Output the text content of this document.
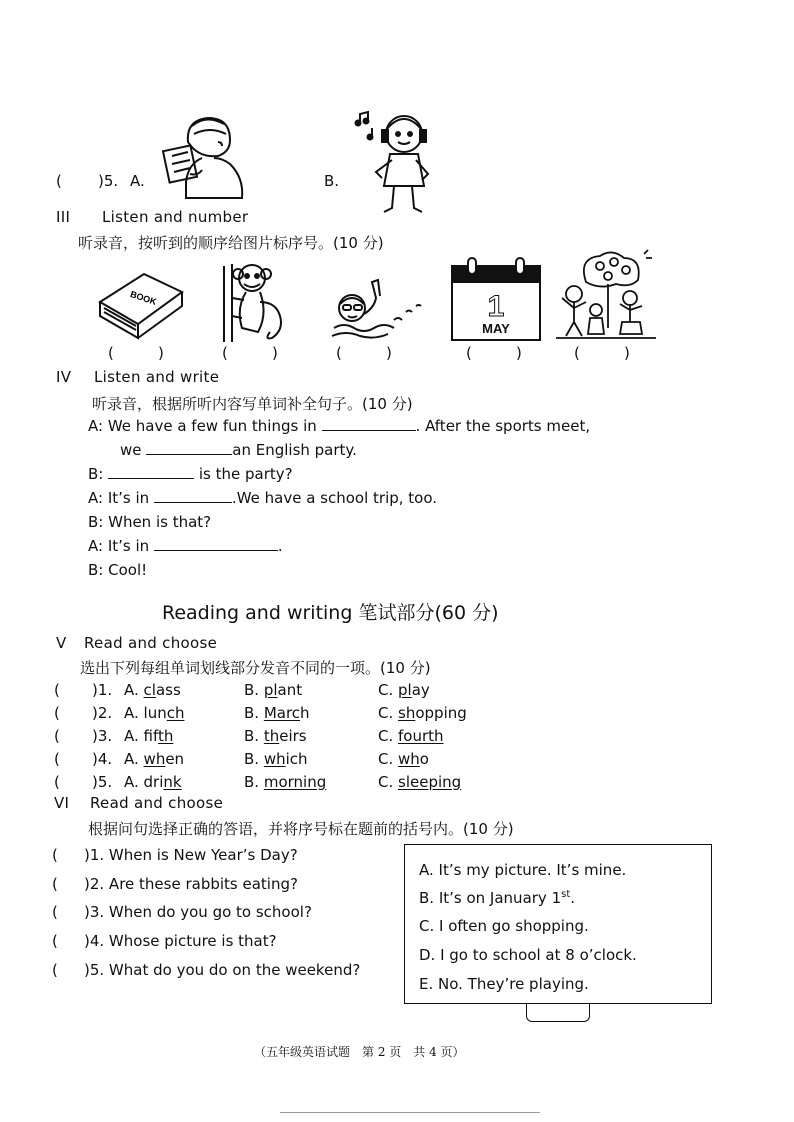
( )5. A.	B.
III Listen and number
听录音，按听到的顺序给图片标序号。(10 分)
BOOK	1
MAY
(	)	(	)	(	)	(	)	(	)
IV Listen and write
听录音，根据所听内容写单词补全句子。(10 分)
A: We have a few fun things in	. After the sports meet,
we	an English party.
B:	is the party?
A: It’s in	.We have a school trip, too.
B: When is that?
A: It’s in	.
B: Cool!
Reading and writing 笔试部分(60 分)
V Read and choose
选出下列每组单词划线部分发音不同的一项。(10 分)
( )1. A. class	B. plant	C. play
( )2. A. lunch	B. March	C. shopping
( )3. A. fifth	B. theirs	C. fourth
( )4. A. when	B. which	C. who
( )5. A. drink	B. morning	C. sleeping
VI Read and choose
根据问句选择正确的答语，并将序号标在题前的括号内。(10 分)
( )1. When is New Year’s Day?
( )2. Are these rabbits eating?
( )3. When do you go to school?
( )4. Whose picture is that?
( )5. What do you do on the weekend?
A. It’s my picture. It’s mine.
B. It’s on January 1st.
C. I often go shopping.
D. I go to school at 8 o’clock.
E. No. They’re playing.
（五年级英语试题　第 2 页　共 4 页）
